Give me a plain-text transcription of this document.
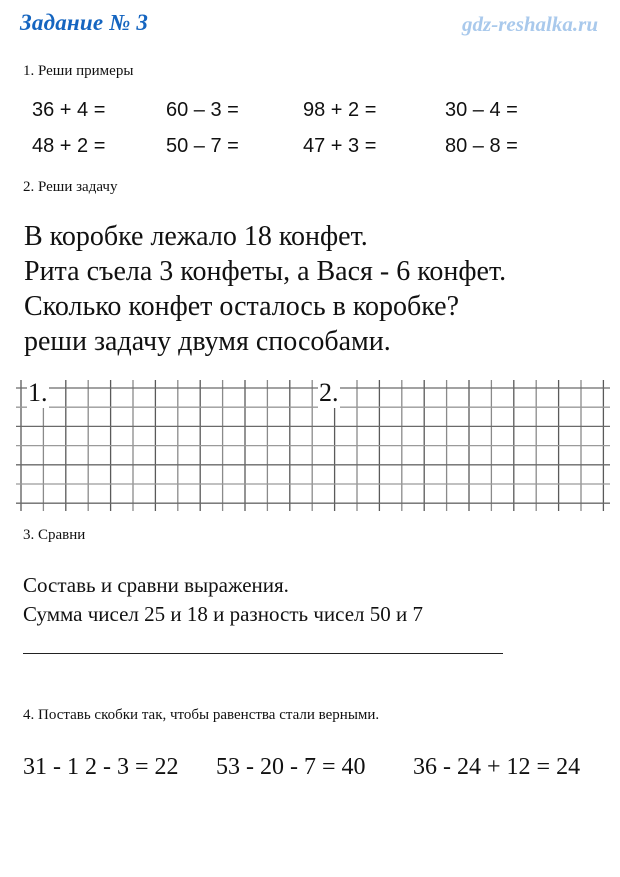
Задание № 3	gdz-reshalka.ru
1. Реши примеры
36 + 4 =	60 – 3 =	98 + 2 =	30 – 4 =
48 + 2 =	50 – 7 =	47 + 3 =	80 – 8 =
2. Реши задачу
В коробке лежало 18 конфет.
Рита съела 3 конфеты, а Вася - 6 конфет.
Сколько конфет осталось в коробке?
реши задачу двумя способами.
1.	2.
3. Сравни
Составь и сравни выражения.
Сумма чисел 25 и 18 и разность чисел 50 и 7
4. Поставь скобки так, чтобы равенства стали верными.
31 - 1 2 - 3 = 22 53 - 20 - 7 = 40 36 - 24 + 12 = 24
